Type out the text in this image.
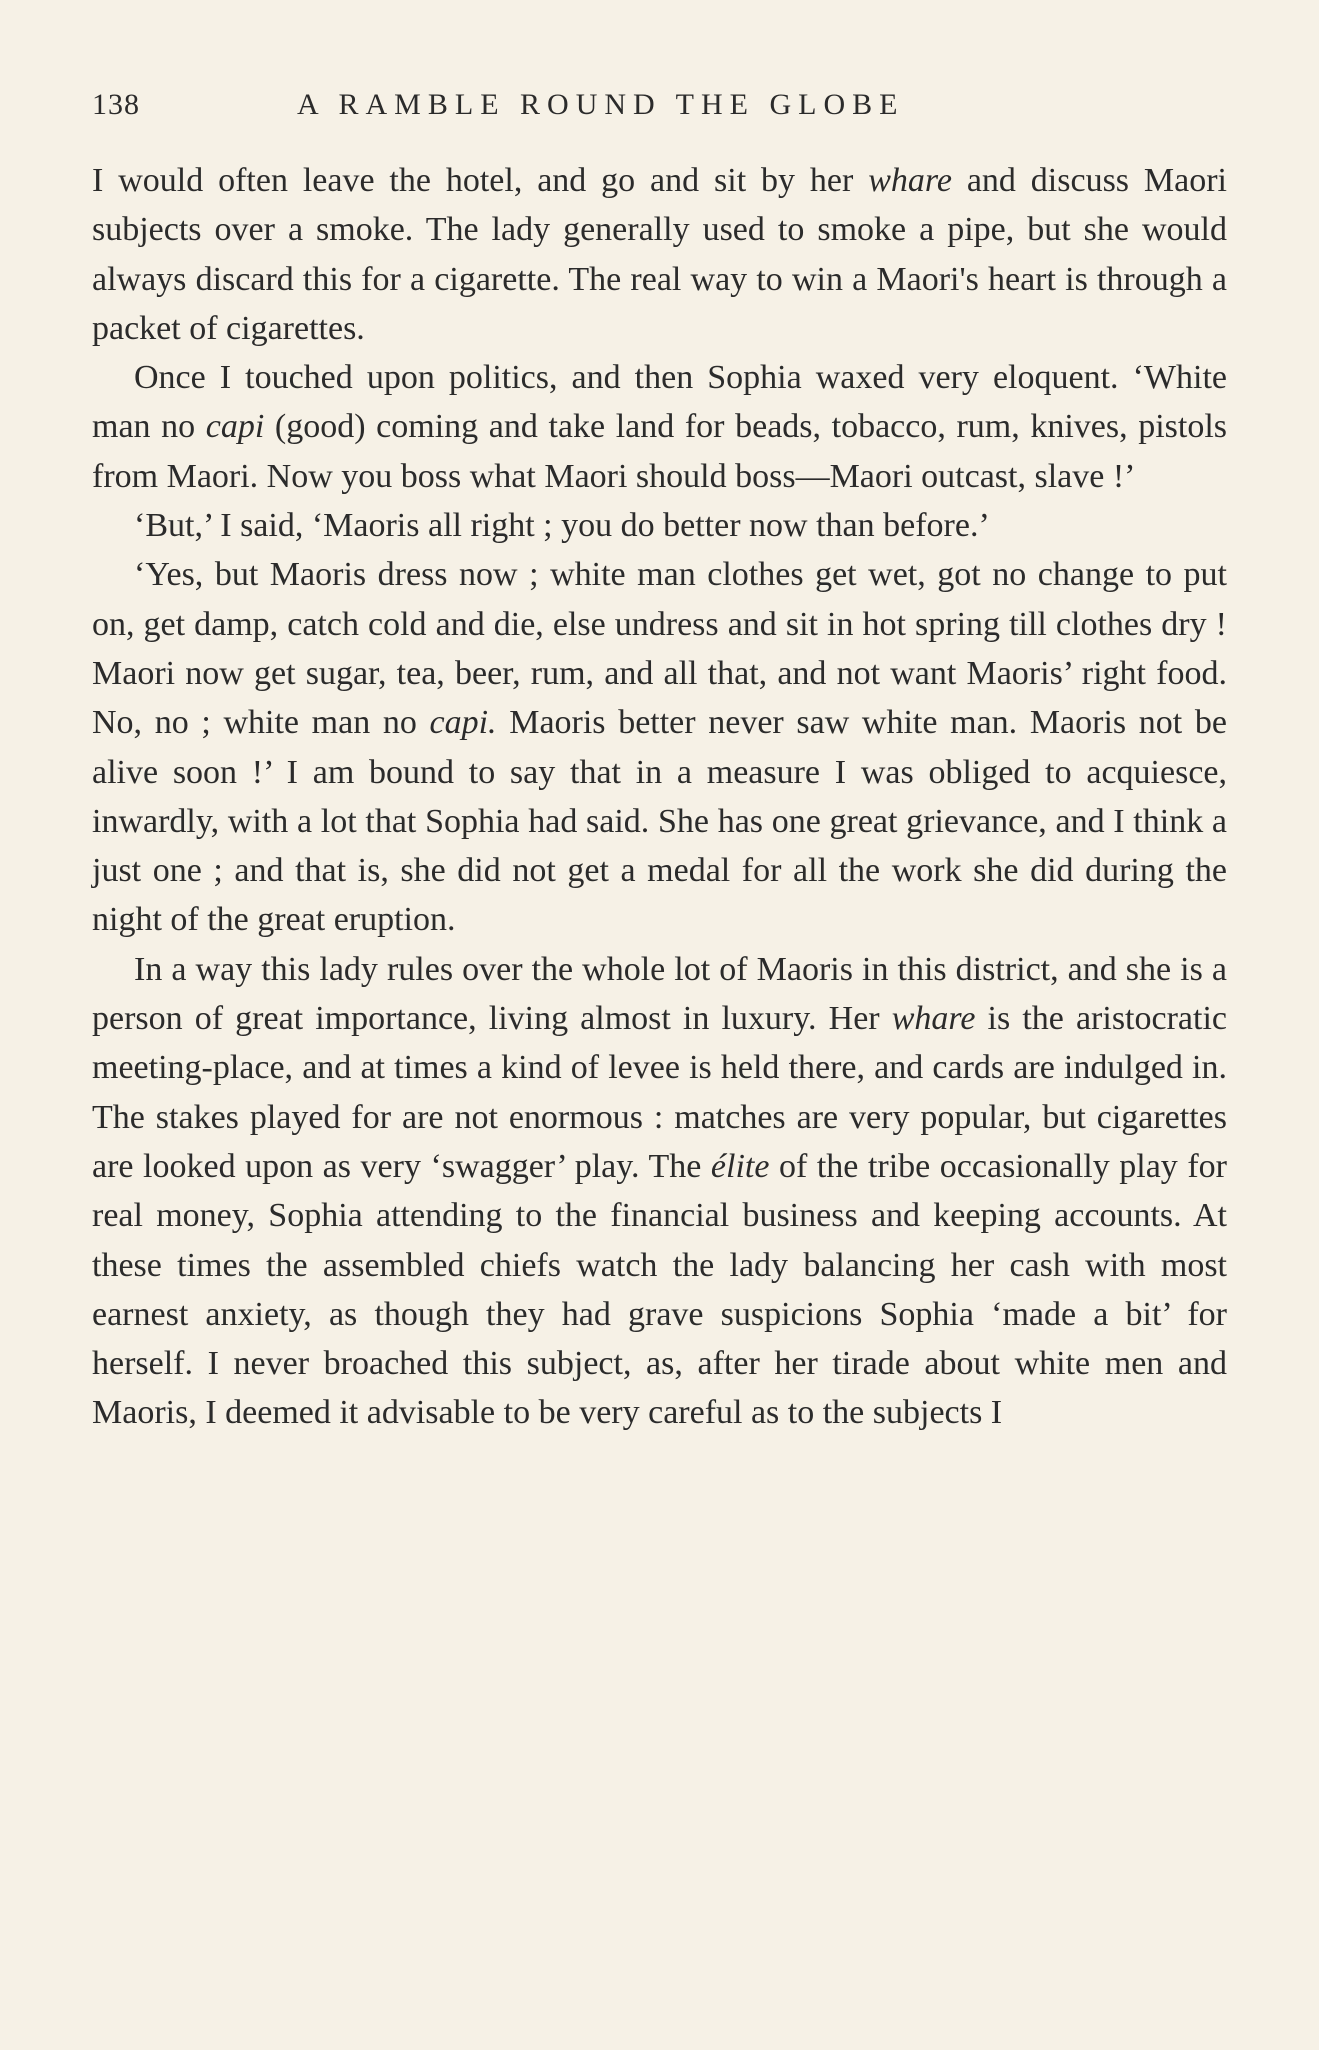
138	A RAMBLE ROUND THE GLOBE

I would often leave the hotel, and go and sit by her whare and discuss Maori subjects over a smoke. The lady generally used to smoke a pipe, but she would always discard this for a cigarette. The real way to win a Maori's heart is through a packet of cigarettes.

Once I touched upon politics, and then Sophia waxed very eloquent. ‘White man no capi (good) coming and take land for beads, tobacco, rum, knives, pistols from Maori. Now you boss what Maori should boss—Maori outcast, slave !’

‘But,’ I said, ‘Maoris all right ; you do better now than before.’

‘Yes, but Maoris dress now ; white man clothes get wet, got no change to put on, get damp, catch cold and die, else undress and sit in hot spring till clothes dry ! Maori now get sugar, tea, beer, rum, and all that, and not want Maoris’ right food. No, no ; white man no capi. Maoris better never saw white man. Maoris not be alive soon !’ I am bound to say that in a measure I was obliged to acquiesce, inwardly, with a lot that Sophia had said. She has one great grievance, and I think a just one ; and that is, she did not get a medal for all the work she did during the night of the great eruption.

In a way this lady rules over the whole lot of Maoris in this district, and she is a person of great importance, living almost in luxury. Her whare is the aristocratic meeting-place, and at times a kind of levee is held there, and cards are indulged in. The stakes played for are not enormous : matches are very popular, but cigarettes are looked upon as very ‘swagger’ play. The élite of the tribe occasionally play for real money, Sophia attending to the financial business and keeping accounts. At these times the assembled chiefs watch the lady balancing her cash with most earnest anxiety, as though they had grave suspicions Sophia ‘made a bit’ for herself. I never broached this subject, as, after her tirade about white men and Maoris, I deemed it advisable to be very careful as to the subjects I
